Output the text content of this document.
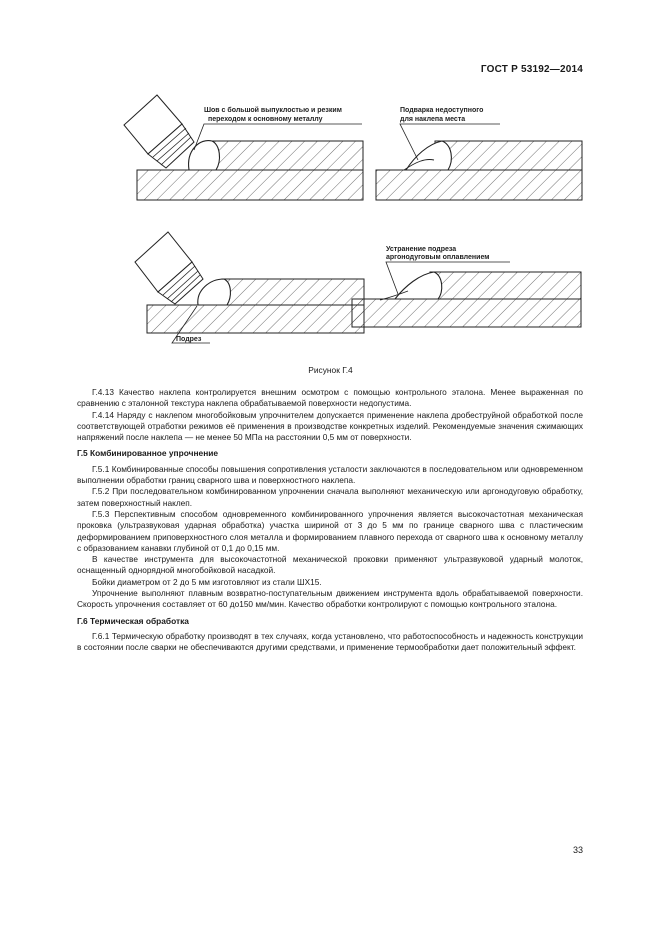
ГОСТ Р 53192—2014
Шов с большой выпуклостью и резким
переходом к основному металлу
Подварка недоступного
для наклепа места
Подрез
Устранение подреза
аргонодуговым оплавлением
Рисунок Г.4

Г.4.13 Качество наклепа контролируется внешним осмотром с помощью контрольного эталона. Менее выраженная по сравнению с эталонной текстура наклепа обрабатываемой поверхности недопустима.

Г.4.14 Наряду с наклепом многобойковым упрочнителем допускается применение наклепа дробеструйной обработкой после соответствующей отработки режимов её применения в производстве конкретных изделий. Рекомендуемые значения сжимающих напряжений после наклепа — не менее 50 МПа на расстоянии 0,5 мм от поверхности.

Г.5 Комбинированное упрочнение

Г.5.1 Комбинированные способы повышения сопротивления усталости заключаются в последовательном или одновременном выполнении обработки границ сварного шва и поверхностного наклепа.

Г.5.2 При последовательном комбинированном упрочнении сначала выполняют механическую или аргонодуговую обработку, затем поверхностный наклеп.

Г.5.3 Перспективным способом одновременного комбинированного упрочнения является высокочастотная механическая проковка (ультразвуковая ударная обработка) участка шириной от 3 до 5 мм по границе сварного шва с пластическим деформированием приповерхностного слоя металла и формированием плавного перехода от сварного шва к основному металлу с образованием канавки глубиной от 0,1 до 0,15 мм.

В качестве инструмента для высокочастотной механической проковки применяют ультразвуковой ударный молоток, оснащенный однорядной многобойковой насадкой.

Бойки диаметром от 2 до 5 мм изготовляют из стали ШХ15.

Упрочнение выполняют плавным возвратно-поступательным движением инструмента вдоль обрабатываемой поверхности. Скорость упрочнения составляет от 60 до150 мм/мин. Качество обработки контролируют с помощью контрольного эталона.

Г.6 Термическая обработка

Г.6.1 Термическую обработку производят в тех случаях, когда установлено, что работоспособность и надежность конструкции в состоянии после сварки не обеспечиваются другими средствами, и применение термообработки дает положительный эффект.

33
